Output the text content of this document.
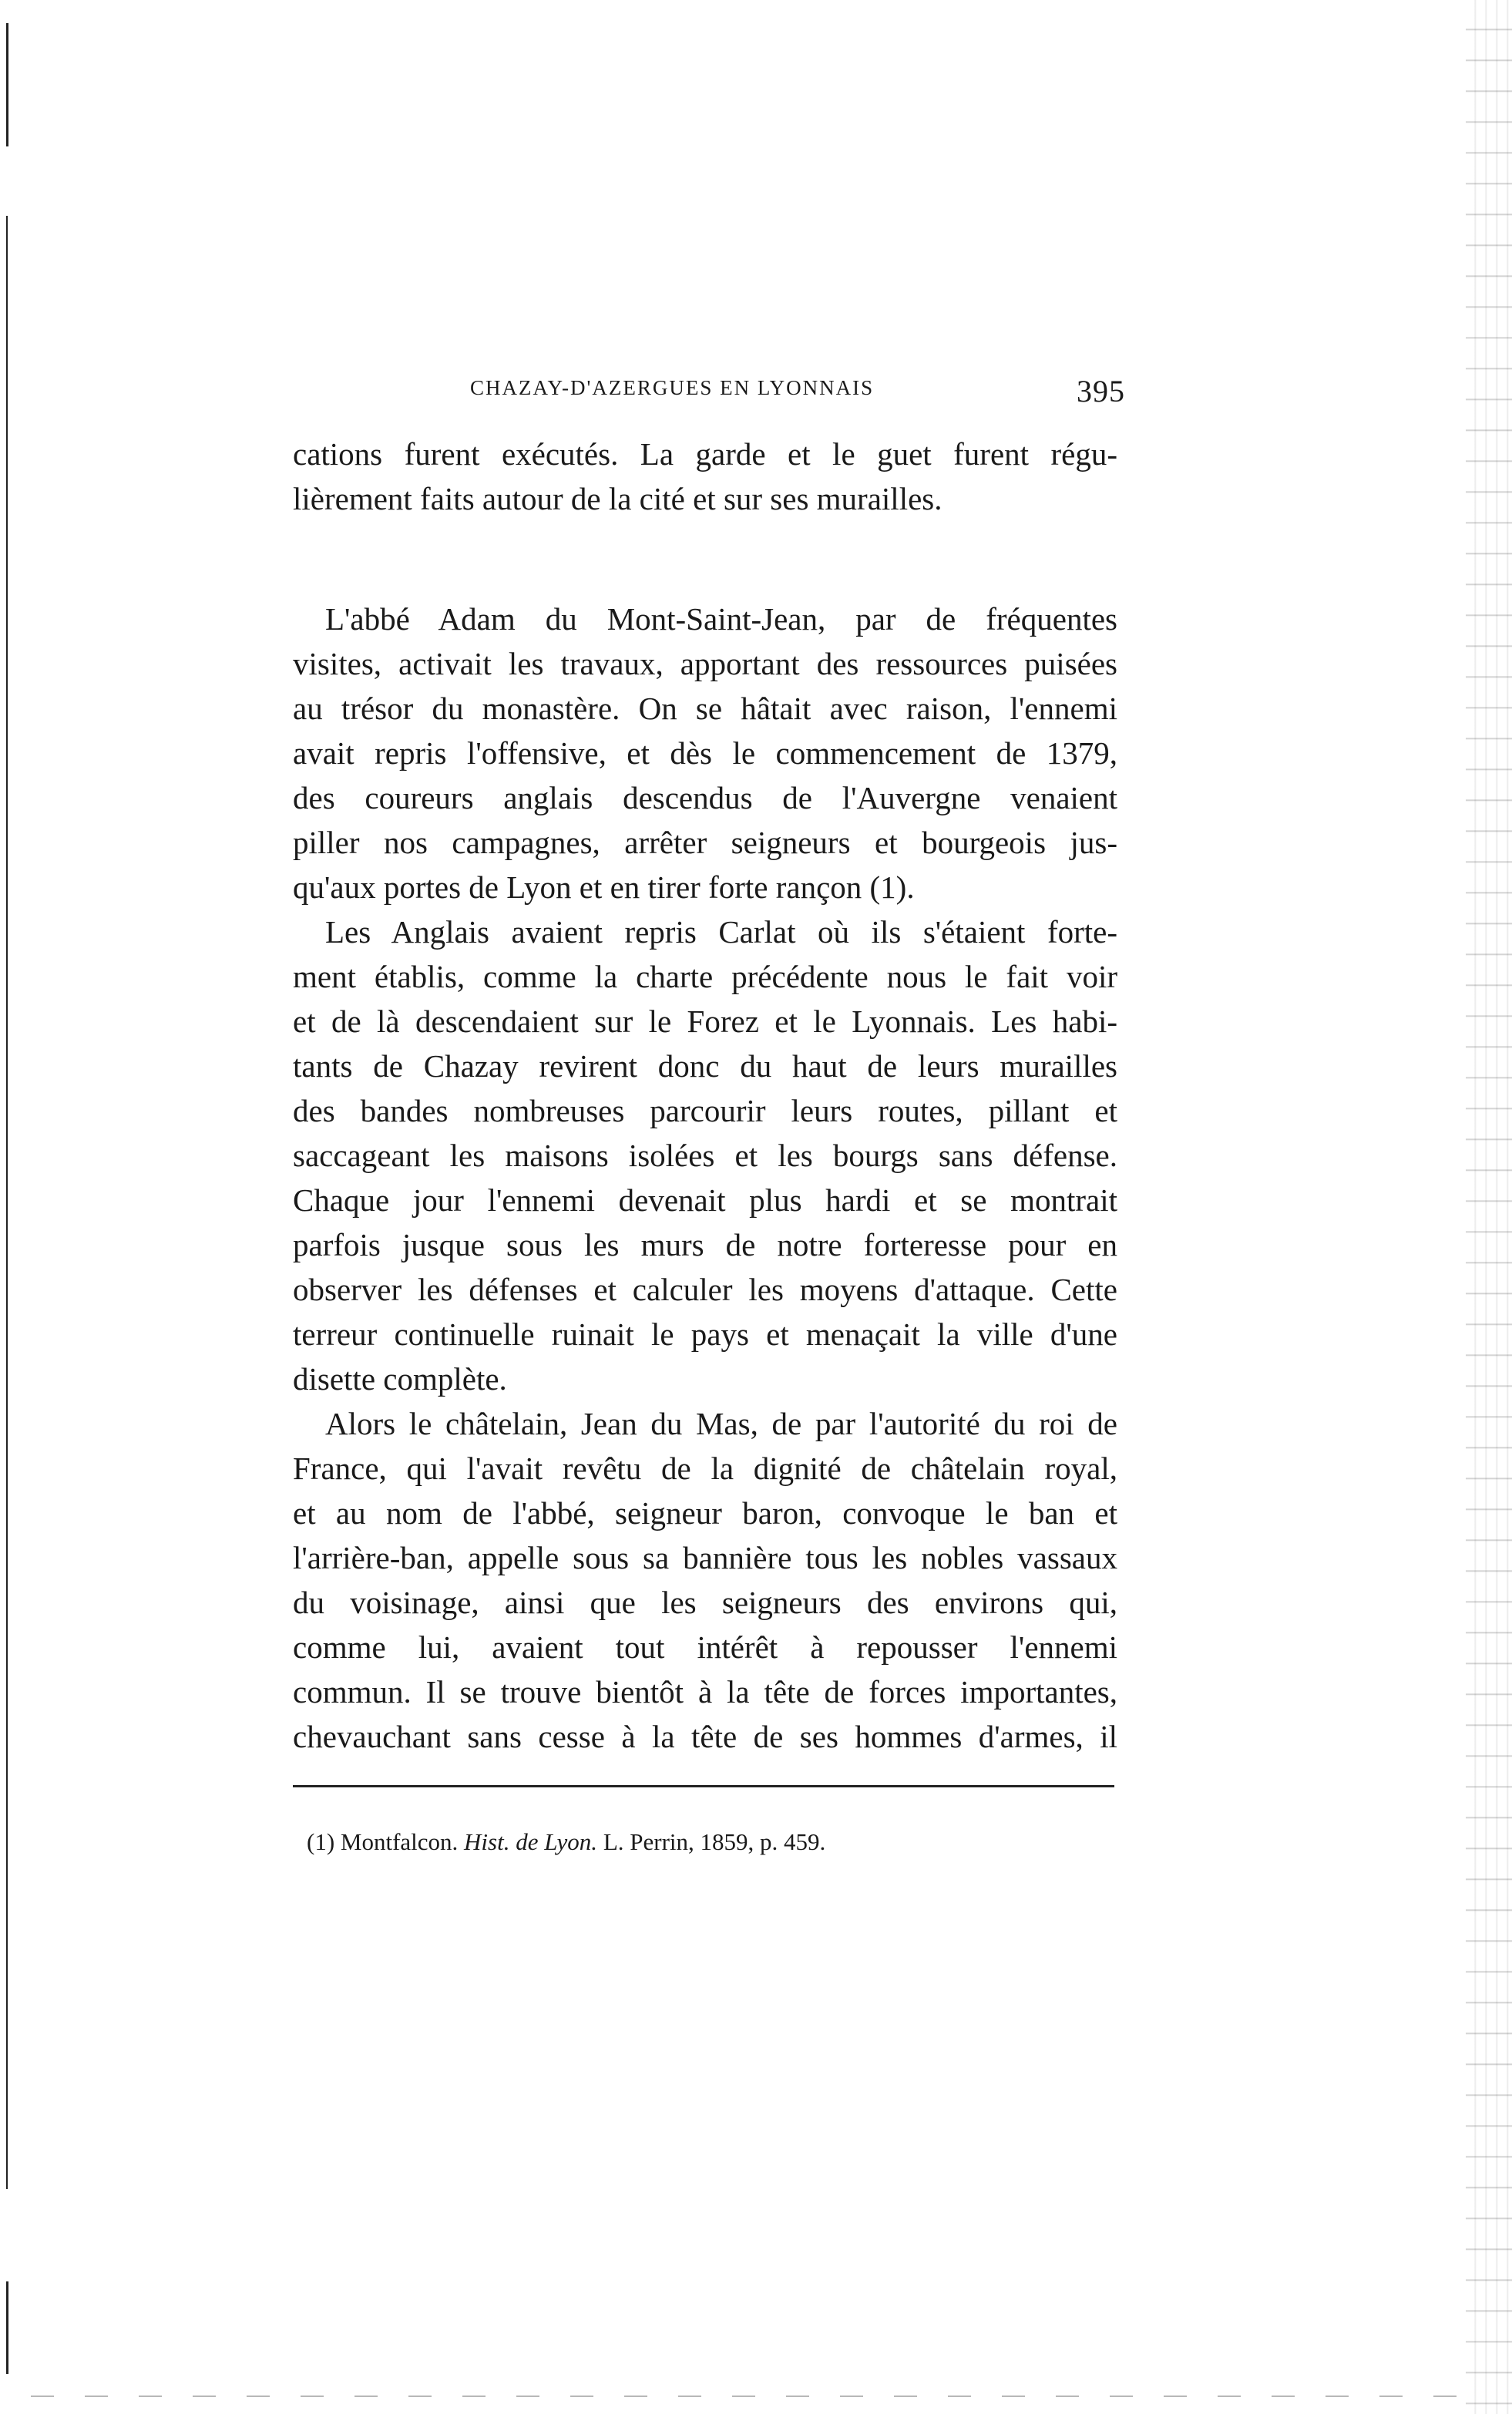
CHAZAY-D'AZERGUES EN LYONNAIS	395
cations furent exécutés. La garde et le guet furent régu-
lièrement faits autour de la cité et sur ses murailles.
L'abbé Adam du Mont-Saint-Jean, par de fréquentes
visites, activait les travaux, apportant des ressources puisées
au trésor du monastère. On se hâtait avec raison, l'ennemi
avait repris l'offensive, et dès le commencement de 1379,
des coureurs anglais descendus de l'Auvergne venaient
piller nos campagnes, arrêter seigneurs et bourgeois jus-
qu'aux portes de Lyon et en tirer forte rançon (1).
Les Anglais avaient repris Carlat où ils s'étaient forte-
ment établis, comme la charte précédente nous le fait voir
et de là descendaient sur le Forez et le Lyonnais. Les habi-
tants de Chazay revirent donc du haut de leurs murailles
des bandes nombreuses parcourir leurs routes, pillant et
saccageant les maisons isolées et les bourgs sans défense.
Chaque jour l'ennemi devenait plus hardi et se montrait
parfois jusque sous les murs de notre forteresse pour en
observer les défenses et calculer les moyens d'attaque. Cette
terreur continuelle ruinait le pays et menaçait la ville d'une
disette complète.
Alors le châtelain, Jean du Mas, de par l'autorité du roi de
France, qui l'avait revêtu de la dignité de châtelain royal,
et au nom de l'abbé, seigneur baron, convoque le ban et
l'arrière-ban, appelle sous sa bannière tous les nobles vassaux
du voisinage, ainsi que les seigneurs des environs qui,
comme lui, avaient tout intérêt à repousser l'ennemi
commun. Il se trouve bientôt à la tête de forces importantes,
chevauchant sans cesse à la tête de ses hommes d'armes, il
(1) Montfalcon. Hist. de Lyon. L. Perrin, 1859, p. 459.
